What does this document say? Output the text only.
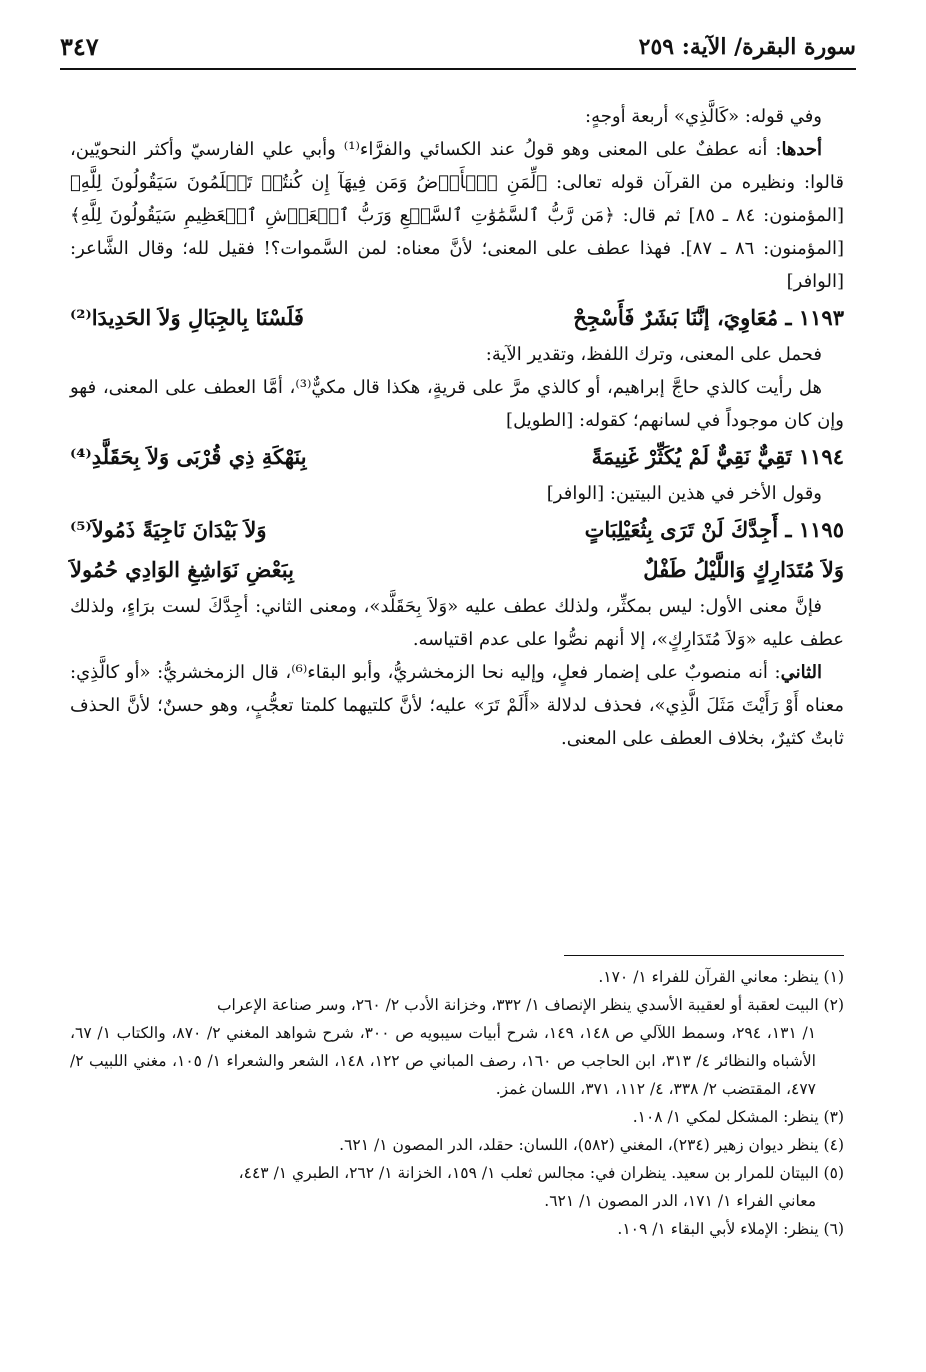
سورة البقرة/ الآية: ٢٥٩
٣٤٧

وفي قوله: «كَالَّذِي» أربعة أوجهٍ:

أحدها: أنه عطفٌ على المعنى وهو قولُ عند الكسائي والفرَّاء⁽¹⁾ وأبي علي الفارسيّ وأكثر النحويّين، قالوا: ونظيره من القرآن قوله تعالى: ﴿لِّمَنِ ٱلۡأَرۡضُ وَمَن فِيهَآ إِن كُنتُمۡ تَعۡلَمُونَ سَيَقُولُونَ لِلَّهِ﴾ [المؤمنون: ٨٤ ـ ٨٥] ثم قال: ﴿مَن رَّبُّ ٱلسَّمَٰوَٰتِ ٱلسَّبۡعِ وَرَبُّ ٱلۡعَرۡشِ ٱلۡعَظِيمِ سَيَقُولُونَ لِلَّهِ﴾ [المؤمنون: ٨٦ ـ ٨٧]. فهذا عطف على المعنى؛ لأنَّ معناه: لمن السَّموات؟! فقيل لله؛ وقال الشَّاعر: [الوافر]

١١٩٣ ـ مُعَاوِيَ، إنَّنَا بَشَرٌ فَأَسْجِحْ
فَلَسْنَا بِالجِبَالِ وَلاَ الحَدِيدَا⁽²⁾

فحمل على المعنى، وترك اللفظ، وتقدير الآية:

هل رأيت كالذي حاجَّ إبراهيم، أو كالذي مرَّ على قريةٍ، هكذا قال مكيٌّ⁽³⁾، أمَّا العطف على المعنى، فهو وإن كان موجوداً في لسانهم؛ كقوله: [الطويل]

١١٩٤ تَقِيٌّ نَقِيٌّ لَمْ يُكَثِّرْ غَنِيمَةً
بِنَهْكَةِ ذِي قُرْبَى وَلاَ بِحَقَلَّدِ⁽⁴⁾

وقول الأخر في هذين البيتين: [الوافر]

١١٩٥ ـ أَجِدَّكَ لَنْ تَرَى بِثُعَيْلِبَاتٍ
وَلاَ بَيْدَانَ نَاجِيَةً ذَمُولاَ⁽⁵⁾
وَلاَ مُتَدَارِكٍ وَاللَّيْلُ طَفْلٌ
بِبَعْضِ نَوَاشِغِ الوَادِي حُمُولاَ

فإنَّ معنى الأول: ليس بمكثِّر، ولذلك عطف عليه «وَلاَ بِحَقَلَّد»، ومعنى الثاني: أجِدَّكَ لست برَاءٍ، ولذلك عطف عليه «وَلاَ مُتَدَارِكٍ»، إلا أنهم نصُّوا على عدم اقتياسه.

الثاني: أنه منصوبٌ على إضمار فعلٍ، وإليه نحا الزمخشريُّ، وأبو البقاء⁽⁶⁾، قال الزمخشريُّ: «أو كالَّذِي: معناه أَوْ رَأَيْتَ مَثَلَ الَّذِي»، فحذف لدلالة «أَلَمْ تَرَ» عليه؛ لأنَّ كلتيهما كلمتا تعجُّبٍ، وهو حسنٌ؛ لأنَّ الحذف ثابتٌ كثيرٌ، بخلاف العطف على المعنى.

(١) ينظر: معاني القرآن للفراء ١/ ١٧٠.

(٢) البيت لعقبة أو لعقيبة الأسدي ينظر الإنصاف ١/ ٣٣٢، وخزانة الأدب ٢/ ٢٦٠، وسر صناعة الإعراب

١/ ١٣١، ٢٩٤، وسمط اللآلي ص ١٤٨، ١٤٩، شرح أبيات سيبويه ص ٣٠٠، شرح شواهد المغني ٢/ ٨٧٠، والكتاب ١/ ٦٧، الأشباه والنظائر ٤/ ٣١٣، ابن الحاجب ص ١٦٠، رصف المباني ص ١٢٢، ١٤٨، الشعر والشعراء ١/ ١٠٥، مغني اللبيب ٢/ ٤٧٧، المقتضب ٢/ ٣٣٨، ٤/ ١١٢، ٣٧١، اللسان غمز.

(٣) ينظر: المشكل لمكي ١/ ١٠٨.

(٤) ينظر ديوان زهير (٢٣٤)، المغني (٥٨٢)، اللسان: حقلد، الدر المصون ١/ ٦٢١.

(٥) البيتان للمرار بن سعيد. ينظران في: مجالس ثعلب ١/ ١٥٩، الخزانة ١/ ٢٦٢، الطبري ١/ ٤٤٣،

معاني الفراء ١/ ١٧١، الدر المصون ١/ ٦٢١.

(٦) ينظر: الإملاء لأبي البقاء ١/ ١٠٩.
